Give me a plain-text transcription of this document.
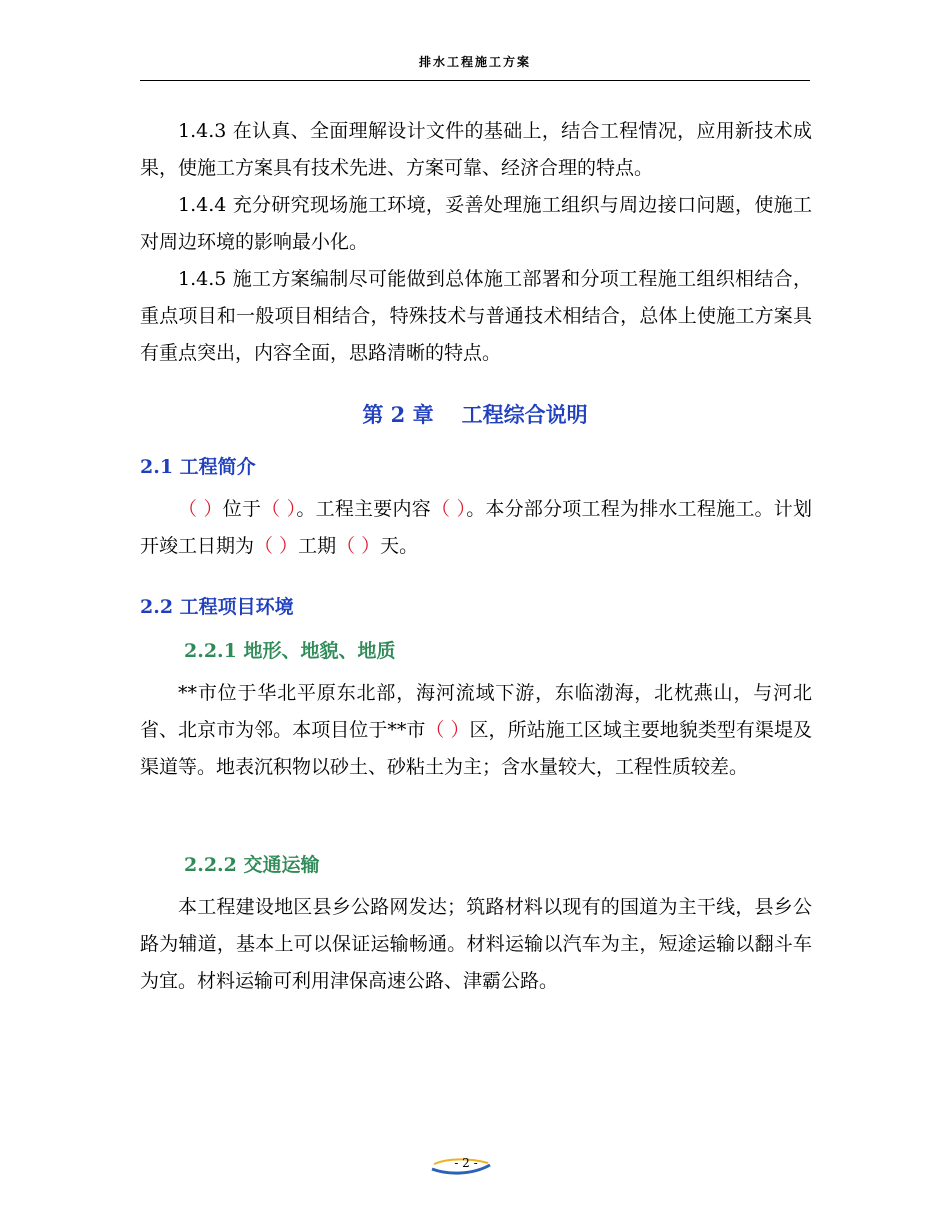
排水工程施工方案

1.4.3 在认真、全面理解设计文件的基础上，结合工程情况，应用新技术成果，使施工方案具有技术先进、方案可靠、经济合理的特点。

1.4.4 充分研究现场施工环境，妥善处理施工组织与周边接口问题，使施工对周边环境的影响最小化。

1.4.5 施工方案编制尽可能做到总体施工部署和分项工程施工组织相结合，重点项目和一般项目相结合，特殊技术与普通技术相结合，总体上使施工方案具有重点突出，内容全面，思路清晰的特点。

第 2 章 工程综合说明
2.1 工程简介

（ ）位于（ ）。工程主要内容（ ）。本分部分项工程为排水工程施工。计划开竣工日期为（ ）工期（ ）天。

2.2 工程项目环境
2.2.1 地形、地貌、地质

**市位于华北平原东北部，海河流域下游，东临渤海，北枕燕山，与河北省、北京市为邻。本项目位于**市（ ）区，所站施工区域主要地貌类型有渠堤及渠道等。地表沉积物以砂土、砂粘土为主；含水量较大，工程性质较差。

2.2.2 交通运输

本工程建设地区县乡公路网发达；筑路材料以现有的国道为主干线，县乡公路为辅道，基本上可以保证运输畅通。材料运输以汽车为主，短途运输以翻斗车为宜。材料运输可利用津保高速公路、津霸公路。

- 2 -
